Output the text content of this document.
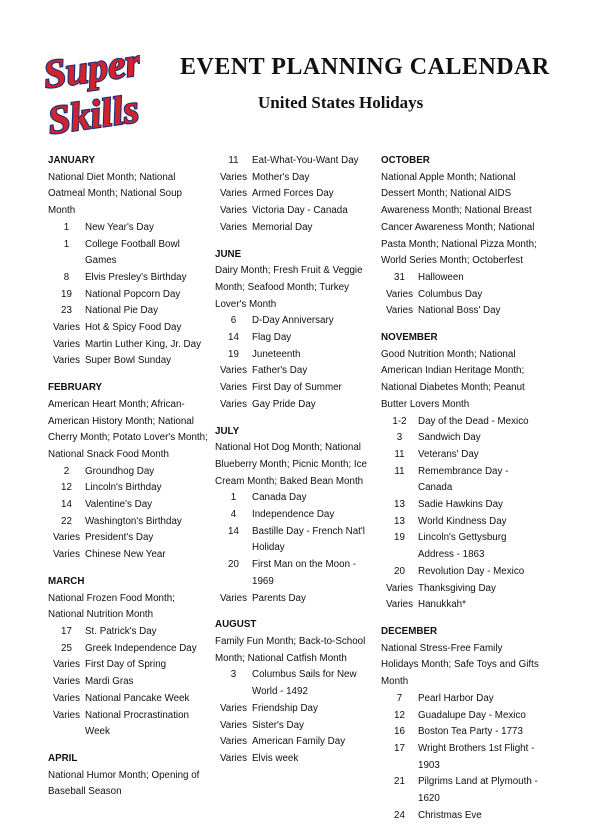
Super
Skills
EVENT PLANNING CALENDAR
United States Holidays
JANUARY
National Diet Month; National Oatmeal Month; National Soup Month
1	New Year's Day
1	College Football Bowl Games
8	Elvis Presley's Birthday
19	National Popcorn Day
23	National Pie Day
Varies Hot & Spicy Food Day
Varies Martin Luther King, Jr. Day
Varies Super Bowl Sunday
FEBRUARY
American Heart Month; African-American History Month; National Cherry Month; Potato Lover's Month; National Snack Food Month
2	Groundhog Day
12	Lincoln's Birthday
14	Valentine's Day
22	Washington's Birthday
Varies President's Day
Varies Chinese New Year
MARCH
National Frozen Food Month; National Nutrition Month
17	St. Patrick's Day
25	Greek Independence Day
Varies First Day of Spring
Varies Mardi Gras
Varies National Pancake Week
Varies National Procrastination Week
APRIL
National Humor Month; Opening of Baseball Season
11	Eat-What-You-Want Day
Varies Mother's Day
Varies Armed Forces Day
Varies Victoria Day - Canada
Varies Memorial Day
JUNE
Dairy Month; Fresh Fruit & Veggie Month; Seafood Month; Turkey Lover's Month
6	D-Day Anniversary
14	Flag Day
19	Juneteenth
Varies Father's Day
Varies First Day of Summer
Varies Gay Pride Day
JULY
National Hot Dog Month; National Blueberry Month; Picnic Month; Ice Cream Month; Baked Bean Month
1	Canada Day
4	Independence Day
14	Bastille Day - French Nat'l Holiday
20	First Man on the Moon - 1969
Varies Parents Day
AUGUST
Family Fun Month; Back-to-School Month; National Catfish Month
3	Columbus Sails for New World - 1492
Varies Friendship Day
Varies Sister's Day
Varies American Family Day
Varies Elvis week
OCTOBER
National Apple Month; National Dessert Month; National AIDS Awareness Month; National Breast Cancer Awareness Month; National Pasta Month; National Pizza Month; World Series Month; Octoberfest
31	Halloween
Varies Columbus Day
Varies National Boss' Day
NOVEMBER
Good Nutrition Month; National American Indian Heritage Month; National Diabetes Month; Peanut Butter Lovers Month
1-2	Day of the Dead - Mexico
3	Sandwich Day
11	Veterans' Day
11	Remembrance Day - Canada
13	Sadie Hawkins Day
13	World Kindness Day
19	Lincoln's Gettysburg Address - 1863
20	Revolution Day - Mexico
Varies Thanksgiving Day
Varies Hanukkah*
DECEMBER
National Stress-Free Family Holidays Month; Safe Toys and Gifts Month
7	Pearl Harbor Day
12	Guadalupe Day - Mexico
16	Boston Tea Party - 1773
17	Wright Brothers 1st Flight - 1903
21	Pilgrims Land at Plymouth - 1620
24	Christmas Eve
